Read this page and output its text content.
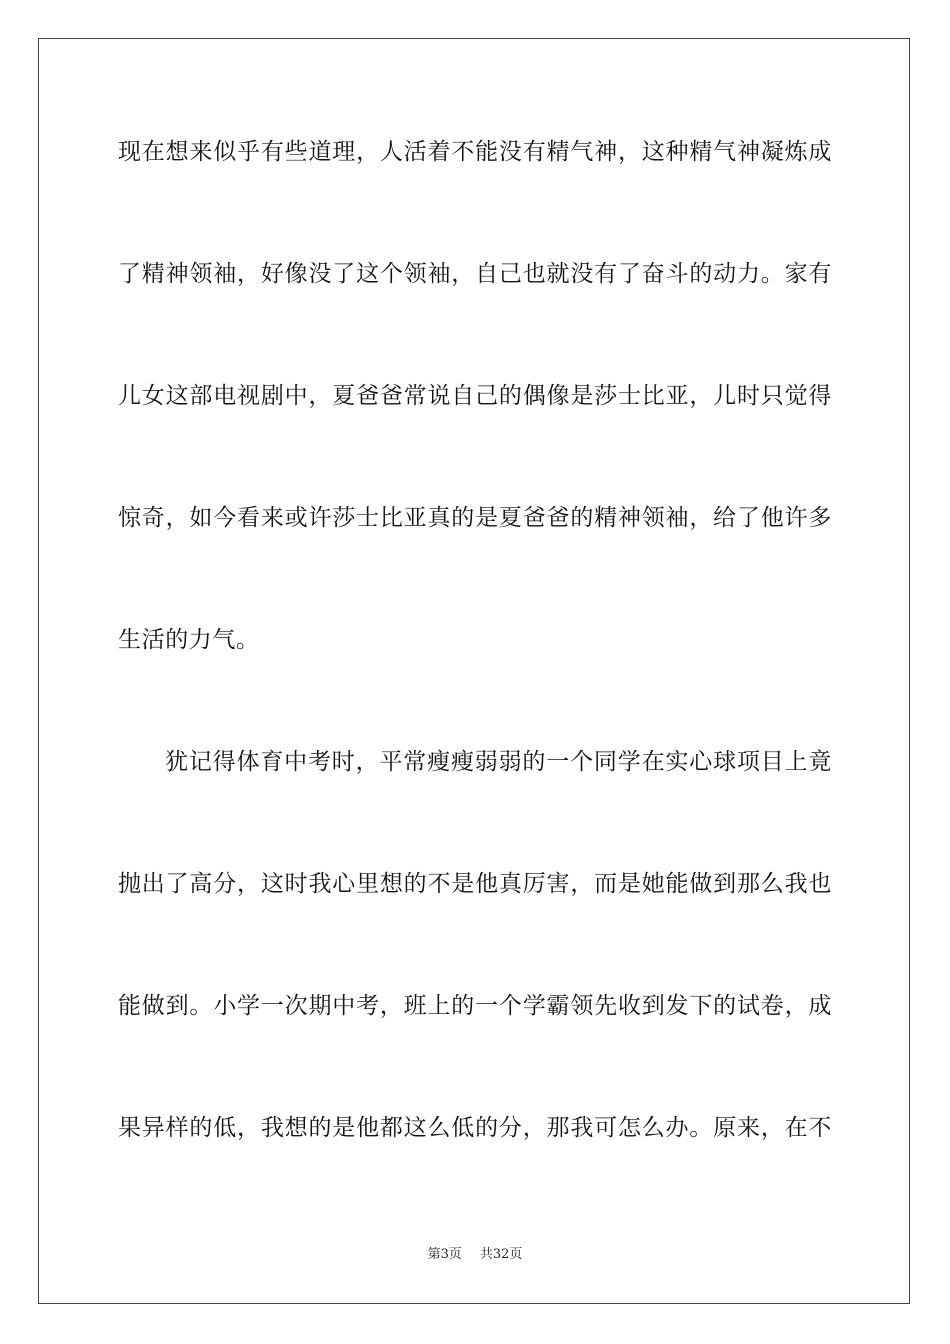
现在想来似乎有些道理，人活着不能没有精气神，这种精气神凝炼成
了精神领袖，好像没了这个领袖，自己也就没有了奋斗的动力。家有
儿女这部电视剧中，夏爸爸常说自己的偶像是莎士比亚，儿时只觉得
惊奇，如今看来或许莎士比亚真的是夏爸爸的精神领袖，给了他许多
生活的力气。
犹记得体育中考时，平常瘦瘦弱弱的一个同学在实心球项目上竟
抛出了高分，这时我心里想的不是他真厉害，而是她能做到那么我也
能做到。小学一次期中考，班上的一个学霸领先收到发下的试卷，成
果异样的低，我想的是他都这么低的分，那我可怎么办。原来，在不
第3页 共32页
